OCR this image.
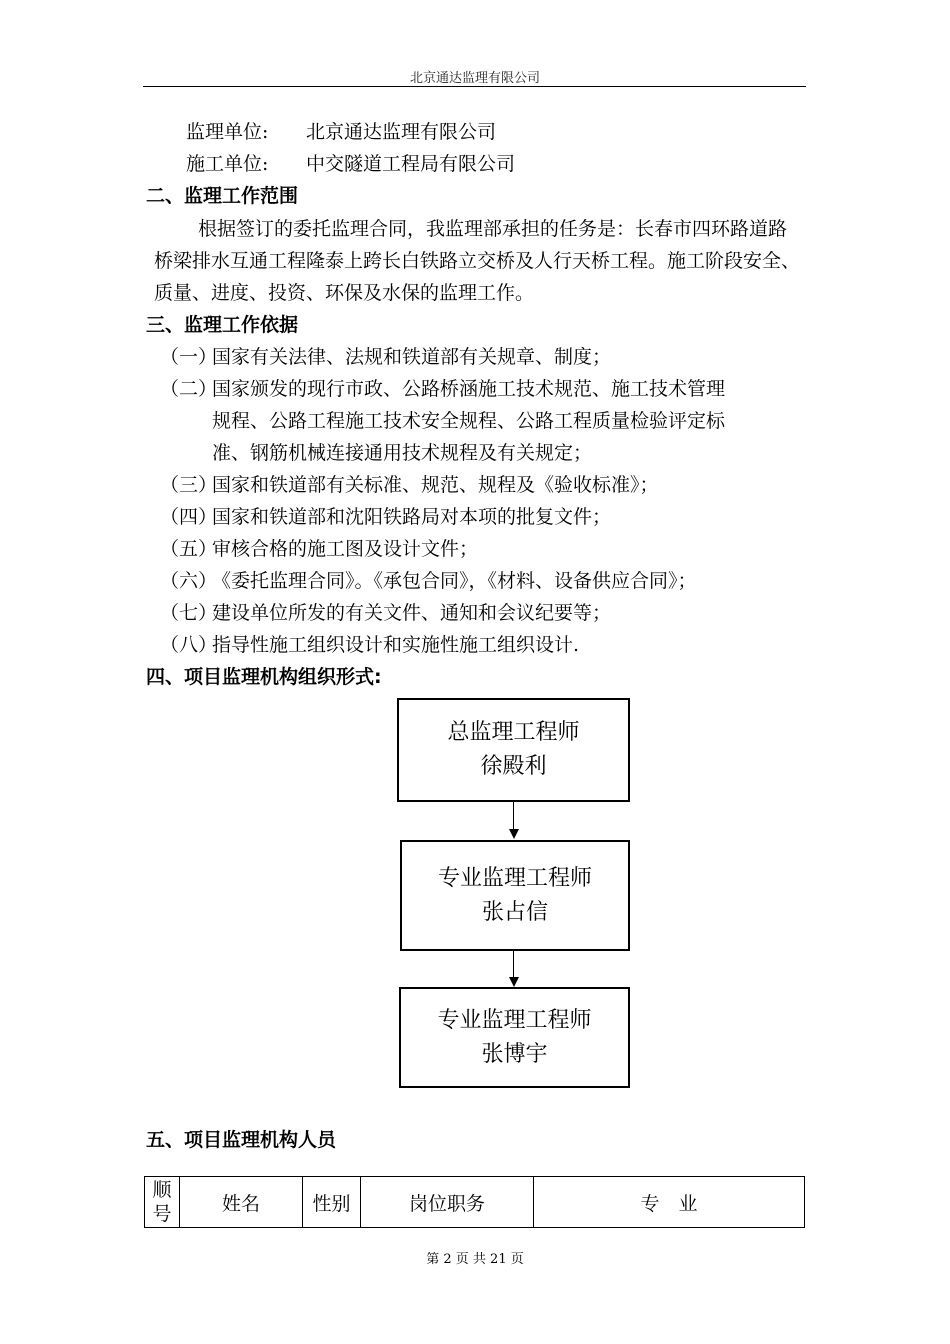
北京通达监理有限公司
监理单位: 北京通达监理有限公司
施工单位: 中交隧道工程局有限公司
二、监理工作范围
根据签订的委托监理合同，我监理部承担的任务是：长春市四环路道路
桥梁排水互通工程隆泰上跨长白铁路立交桥及人行天桥工程。施工阶段安全、
质量、进度、投资、环保及水保的监理工作。
三、监理工作依据
（一）
国家有关法律、法规和铁道部有关规章、制度；
（二）
国家颁发的现行市政、公路桥涵施工技术规范、施工技术管理
规程、公路工程施工技术安全规程、公路工程质量检验评定标
准、钢筋机械连接通用技术规程及有关规定；
（三）
国家和铁道部有关标准、规范、规程及《验收标准》；
（四）
国家和铁道部和沈阳铁路局对本项的批复文件；
（五）
审核合格的施工图及设计文件；
（六）
《委托监理合同》。《承包合同》，《材料、设备供应合同》；
（七）
建设单位所发的有关文件、通知和会议纪要等；
（八）
指导性施工组织设计和实施性施工组织设计.
四、项目监理机构组织形式:
总监理工程师
徐殿利
专业监理工程师
张占信
专业监理工程师
张博宇
五、项目监理机构人员
顺号	姓名	性别	岗位职务	专　业
第 2 页 共 21 页
